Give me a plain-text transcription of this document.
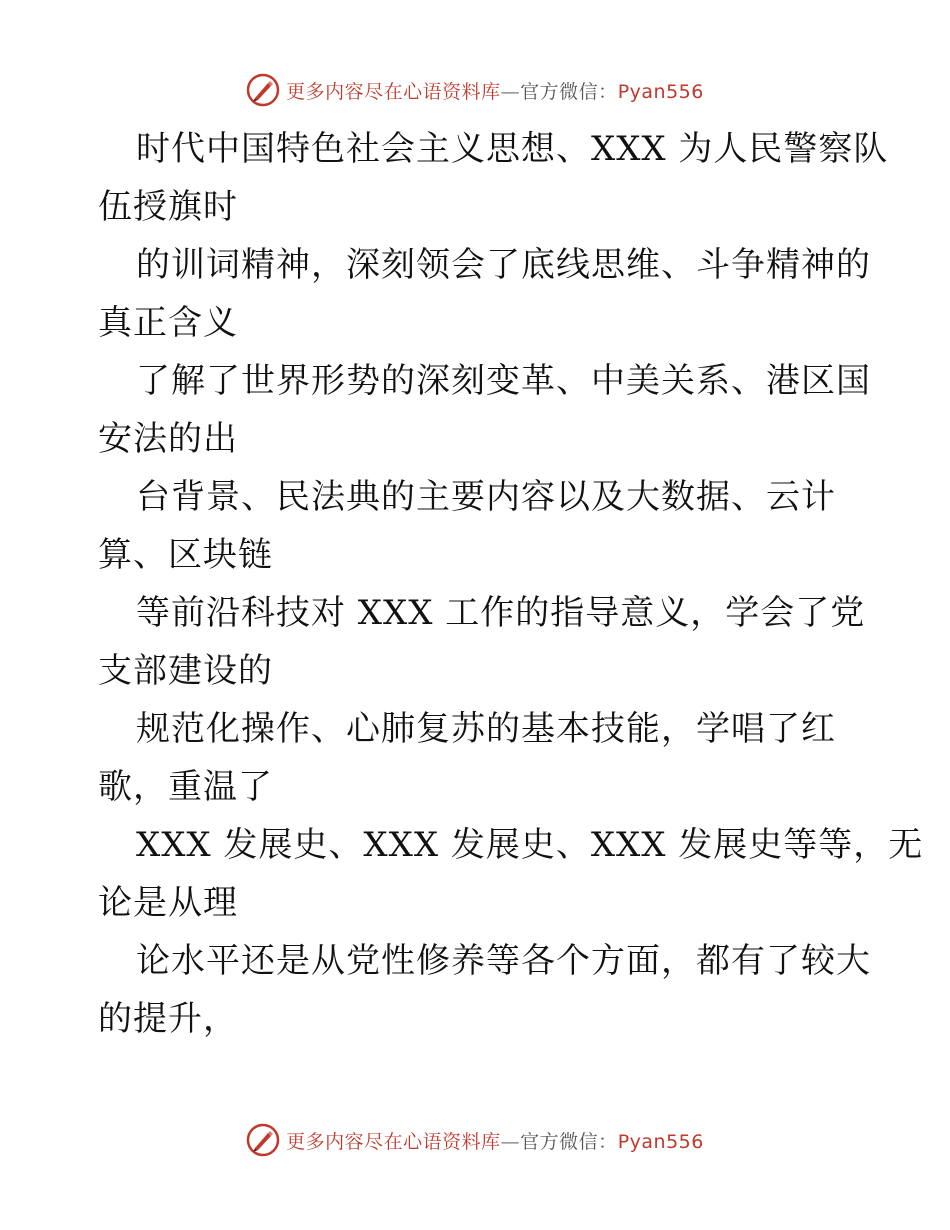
更多内容尽在心语资料库—官方微信：Pyan556
时代中国特色社会主义思想、XXX 为人民警察队
伍授旗时
的训词精神，深刻领会了底线思维、斗争精神的
真正含义
了解了世界形势的深刻变革、中美关系、港区国
安法的出
台背景、民法典的主要内容以及大数据、云计
算、区块链
等前沿科技对 XXX 工作的指导意义，学会了党
支部建设的
规范化操作、心肺复苏的基本技能，学唱了红
歌，重温了
XXX 发展史、XXX 发展史、XXX 发展史等等，无
论是从理
论水平还是从党性修养等各个方面，都有了较大
的提升，
更多内容尽在心语资料库—官方微信：Pyan556
